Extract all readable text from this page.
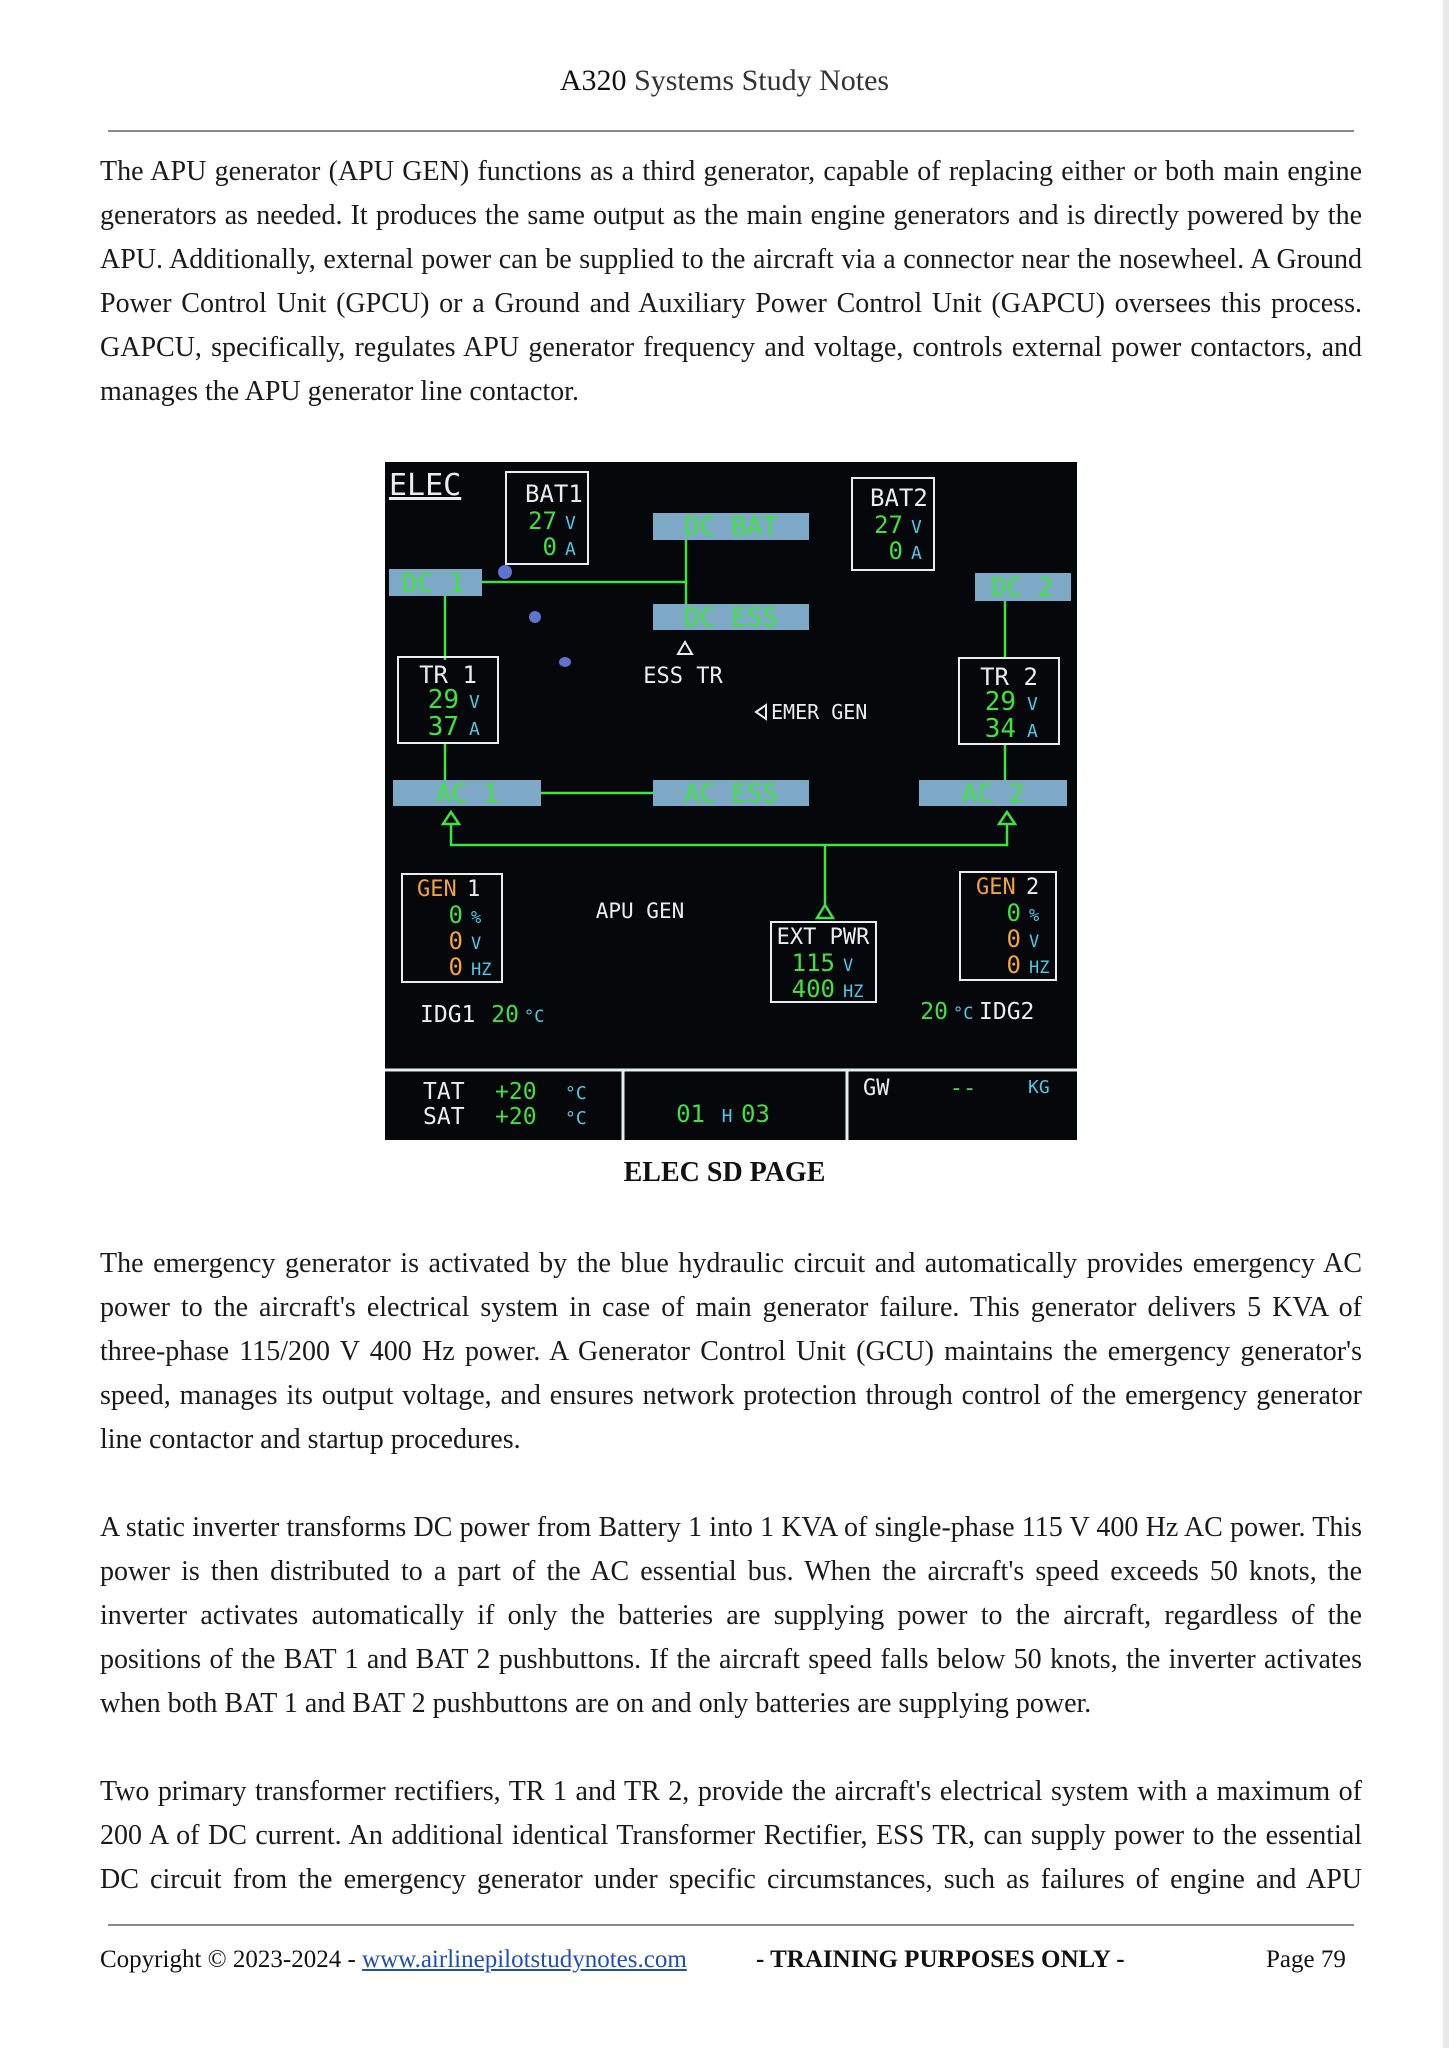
A320 Systems Study Notes

The APU generator (APU GEN) functions as a third generator, capable of replacing either or both main engine generators as needed. It produces the same output as the main engine generators and is directly powered by the APU. Additionally, external power can be supplied to the aircraft via a connector near the nosewheel. A Ground Power Control Unit (GPCU) or a Ground and Auxiliary Power Control Unit (GAPCU) oversees this process. GAPCU, specifically, regulates APU generator frequency and voltage, controls external power contactors, and manages the APU generator line contactor.

ELEC	BAT1
27 V
0 A
BAT2
27 V
0 A
DC BAT
DC 1	DC 2
DC ESS
AC 1	AC ESS	AC 2
ESS TR
EMER GEN
TR 1
29 V
37 A
TR 2
29 V
34 A
GEN 1
0 %
0 V
0 HZ
GEN 2
0 %
0 V
0 HZ
APU GEN
EXT PWR
115 V
400 HZ
IDG1 20 °C	20 °C IDG2
TAT +20 °C
SAT +20 °C	01 H 03
GW	--	KG
ELEC SD PAGE

The emergency generator is activated by the blue hydraulic circuit and automatically provides emergency AC power to the aircraft's electrical system in case of main generator failure. This generator delivers 5 KVA of three-phase 115/200 V 400 Hz power. A Generator Control Unit (GCU) maintains the emergency generator's speed, manages its output voltage, and ensures network protection through control of the emergency generator line contactor and startup procedures.

A static inverter transforms DC power from Battery 1 into 1 KVA of single-phase 115 V 400 Hz AC power. This power is then distributed to a part of the AC essential bus. When the aircraft's speed exceeds 50 knots, the inverter activates automatically if only the batteries are supplying power to the aircraft, regardless of the positions of the BAT 1 and BAT 2 pushbuttons. If the aircraft speed falls below 50 knots, the inverter activates when both BAT 1 and BAT 2 pushbuttons are on and only batteries are supplying power.

Two primary transformer rectifiers, TR 1 and TR 2, provide the aircraft's electrical system with a maximum of 200 A of DC current. An additional identical Transformer Rectifier, ESS TR, can supply power to the essential DC circuit from the emergency generator under specific circumstances, such as failures of engine and APU

Copyright © 2023-2024 - www.airlinepilotstudynotes.com	- TRAINING PURPOSES ONLY -	Page 79
